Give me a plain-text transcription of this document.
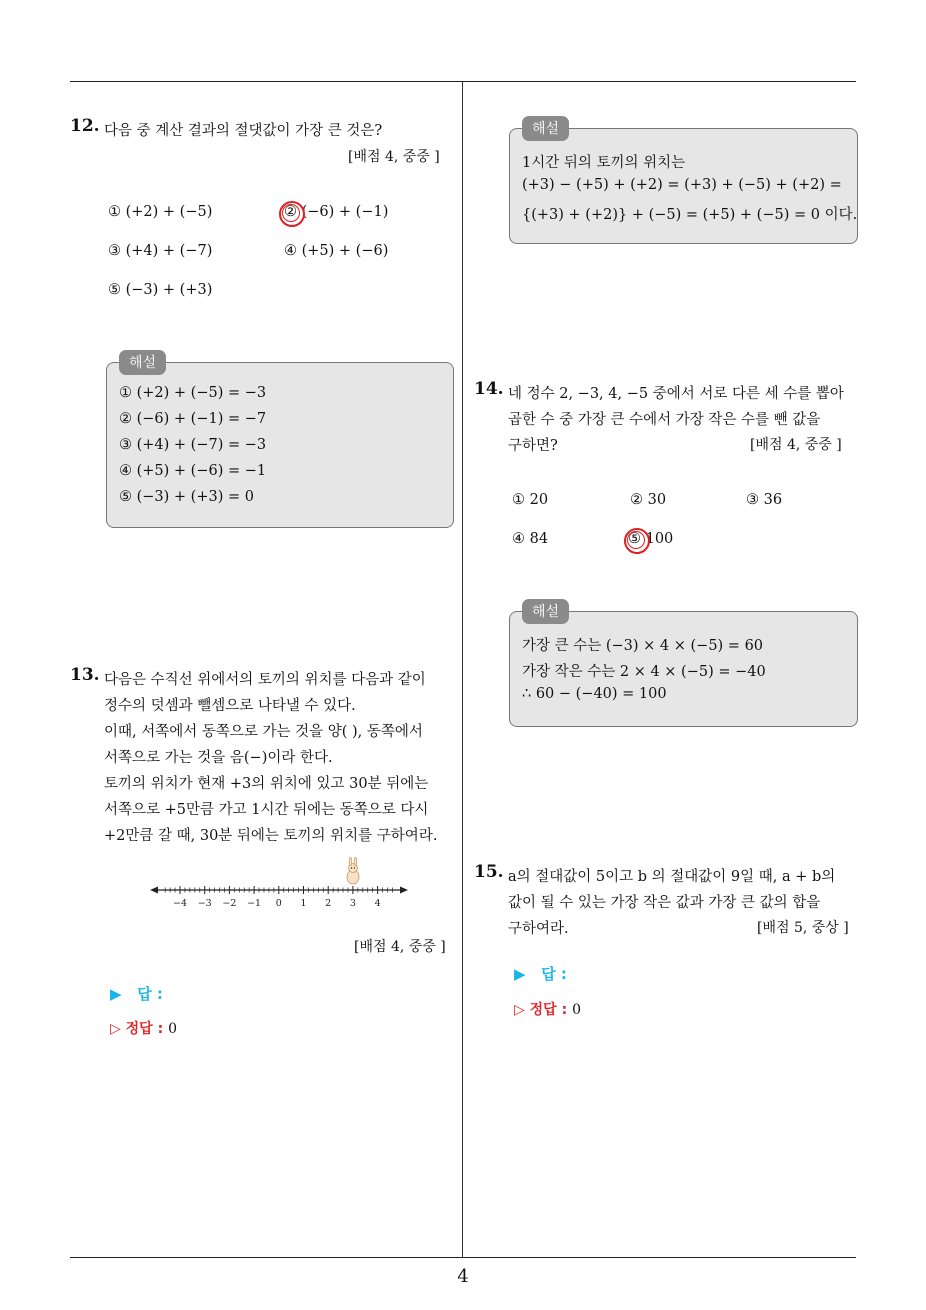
12. 다음 중 계산 결과의 절댓값이 가장 큰 것은?
[배점 4, 중중 ]
① (+2) + (−5)	② (−6) + (−1)
③ (+4) + (−7)	④ (+5) + (−6)
⑤ (−3) + (+3)
해설
① (+2) + (−5) = −3
② (−6) + (−1) = −7
③ (+4) + (−7) = −3
④ (+5) + (−6) = −1
⑤ (−3) + (+3) = 0
13. 다음은 수직선 위에서의 토끼의 위치를 다음과 같이
정수의 덧셈과 뺄셈으로 나타낼 수 있다.
이때, 서쪽에서 동쪽으로 가는 것을 양( ), 동쪽에서
서쪽으로 가는 것을 음(−)이라 한다.
토끼의 위치가 현재 +3의 위치에 있고 30분 뒤에는
서쪽으로 +5만큼 가고 1시간 뒤에는 동쪽으로 다시
+2만큼 갈 때, 30분 뒤에는 토끼의 위치를 구하여라.
−4 −3 −2 −1 0 1 2 3 4
[배점 4, 중중 ]
▶ 답 :
▷ 정답 : 0
해설
1시간 뒤의 토끼의 위치는
(+3) − (+5) + (+2) = (+3) + (−5) + (+2) =
{(+3) + (+2)} + (−5) = (+5) + (−5) = 0 이다.
14. 네 정수 2, −3, 4, −5 중에서 서로 다른 세 수를 뽑아
곱한 수 중 가장 큰 수에서 가장 작은 수를 뺀 값을
구하면?	[배점 4, 중중 ]
① 20	② 30	③ 36
④ 84	⑤ 100
해설
가장 큰 수는 (−3) × 4 × (−5) = 60
가장 작은 수는 2 × 4 × (−5) = −40
∴ 60 − (−40) = 100
15. a의 절대값이 5이고 b 의 절대값이 9일 때, a + b의
값이 될 수 있는 가장 작은 값과 가장 큰 값의 합을
구하여라.	[배점 5, 중상 ]
▶ 답 :
▷ 정답 : 0
4
